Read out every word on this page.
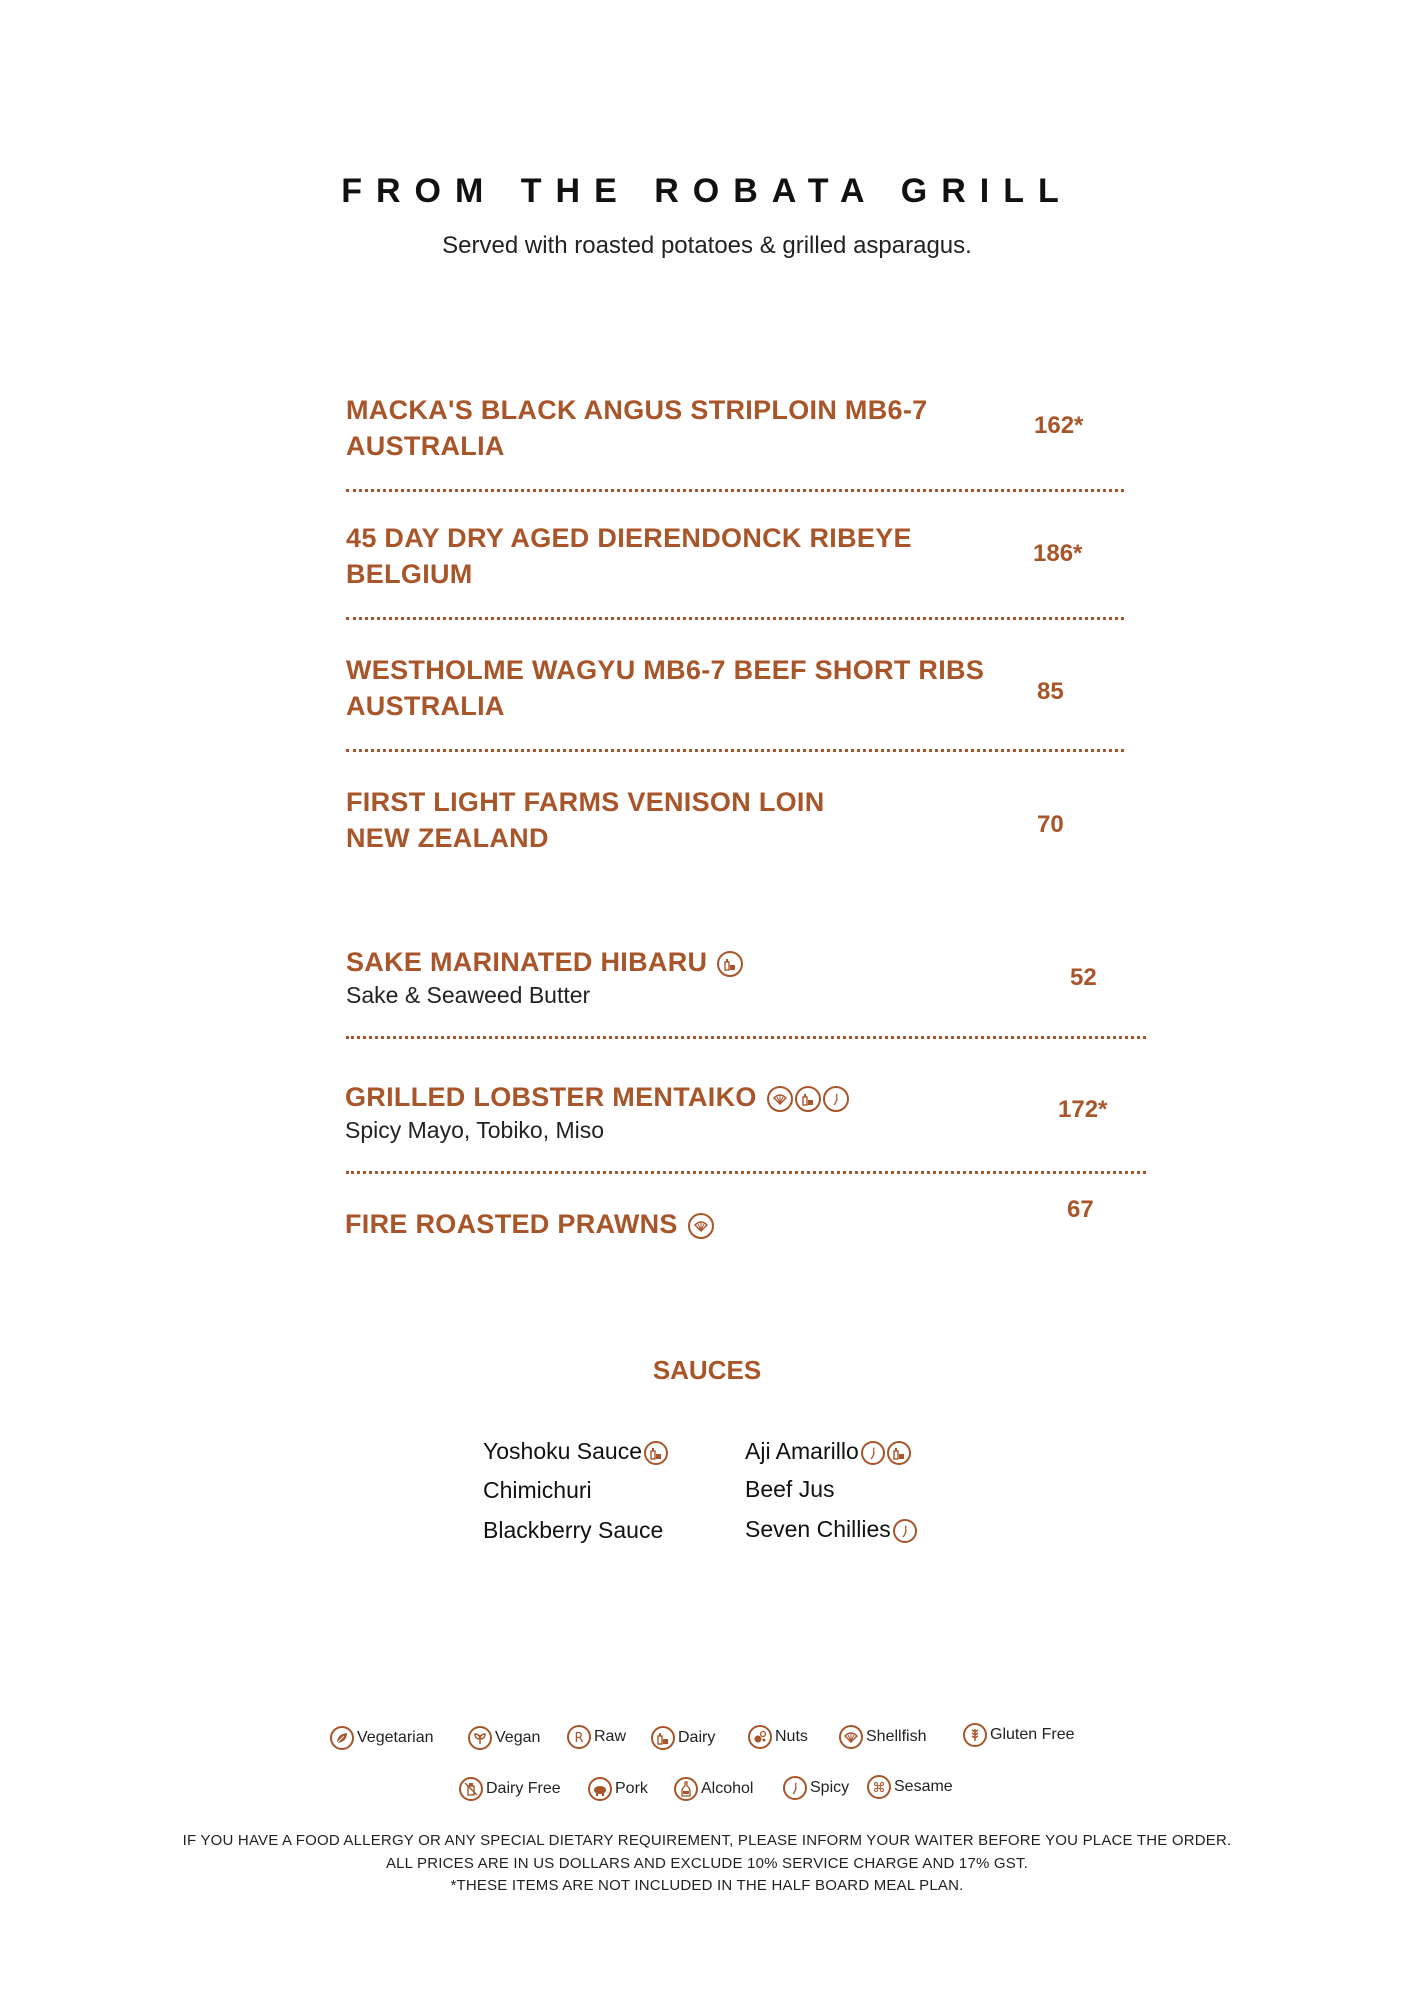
FROM THE ROBATA GRILL
Served with roasted potatoes & grilled asparagus.
MACKA'S BLACK ANGUS STRIPLOIN MB6-7
AUSTRALIA
162*
45 DAY DRY AGED DIERENDONCK RIBEYE
BELGIUM
186*
WESTHOLME WAGYU MB6-7 BEEF SHORT RIBS
AUSTRALIA	85
FIRST LIGHT FARMS VENISON LOIN
NEW ZEALAND	70
SAKE MARINATED HIBARU
Sake & Seaweed Butter
52
GRILLED LOBSTER MENTAIKO
Spicy Mayo, Tobiko, Miso
172*
FIRE ROASTED PRAWNS	67
SAUCES
Yoshoku Sauce
Chimichuri
Blackberry Sauce
Aji Amarillo
Beef Jus
Seven Chillies
Vegetarian	Vegan	Raw	Dairy	Nuts	Shellfish	Gluten Free
Dairy Free	Pork	Alcohol	Spicy	Sesame
IF YOU HAVE A FOOD ALLERGY OR ANY SPECIAL DIETARY REQUIREMENT, PLEASE INFORM YOUR WAITER BEFORE YOU PLACE THE ORDER.
ALL PRICES ARE IN US DOLLARS AND EXCLUDE 10% SERVICE CHARGE AND 17% GST.
*THESE ITEMS ARE NOT INCLUDED IN THE HALF BOARD MEAL PLAN.
